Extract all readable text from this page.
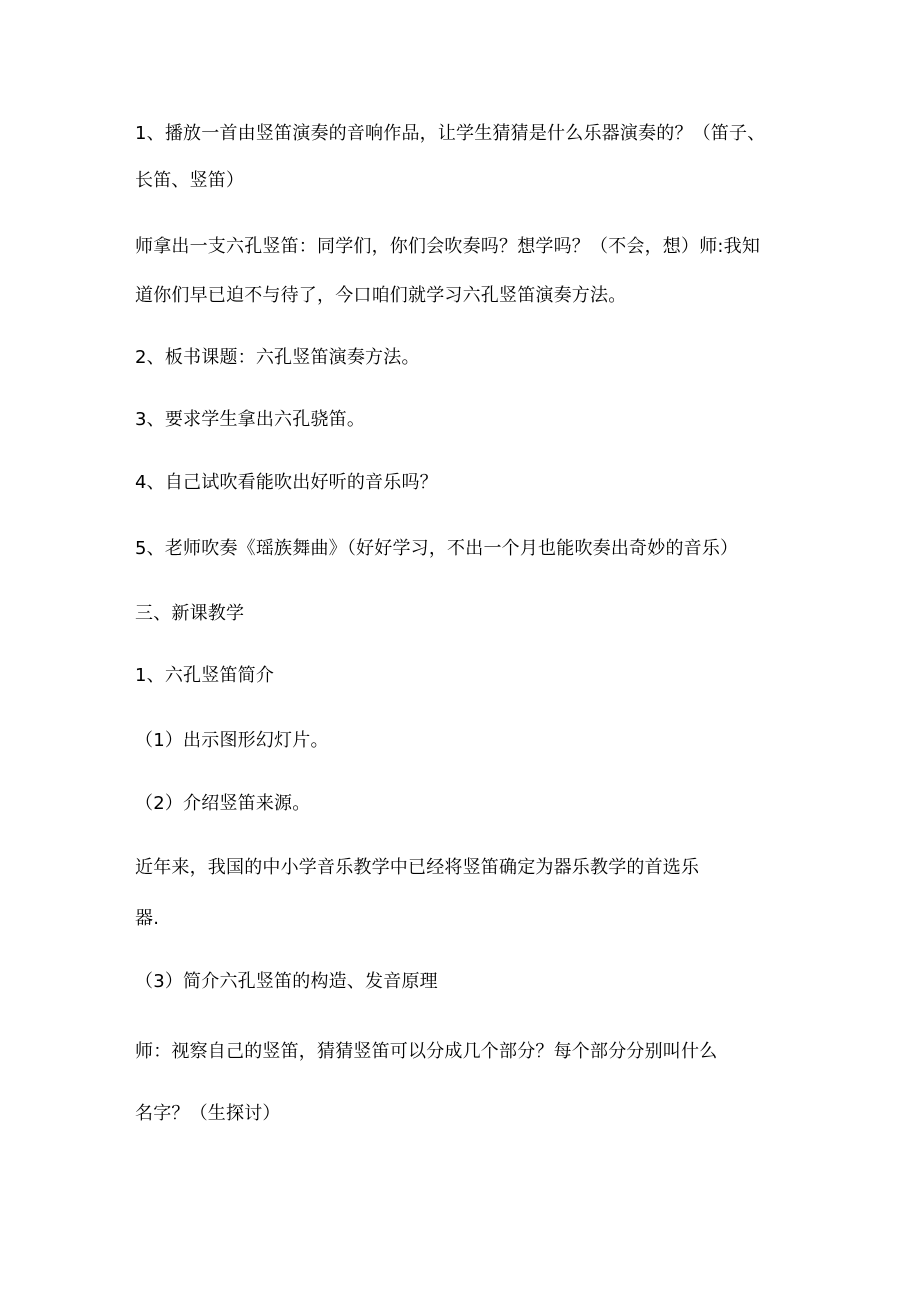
1、播放一首由竖笛演奏的音响作品，让学生猜猜是什么乐器演奏的？（笛子、
长笛、竖笛）
师拿出一支六孔竖笛：同学们，你们会吹奏吗？想学吗？（不会，想）师:我知
道你们早已迫不与待了，今口咱们就学习六孔竖笛演奏方法。
2、板书课题：六孔竖笛演奏方法。
3、要求学生拿出六孔骁笛。
4、自己试吹看能吹出好听的音乐吗？
5、老师吹奏《瑶族舞曲》（好好学习，不出一个月也能吹奏出奇妙的音乐）
三、新课教学
1、六孔竖笛简介
（1）出示图形幻灯片。
（2）介绍竖笛来源。
近年来，我国的中小学音乐教学中已经将竖笛确定为器乐教学的首选乐
器.
（3）简介六孔竖笛的构造、发音原理
师：视察自己的竖笛，猜猜竖笛可以分成几个部分？每个部分分别叫什么
名字？（生探讨）
